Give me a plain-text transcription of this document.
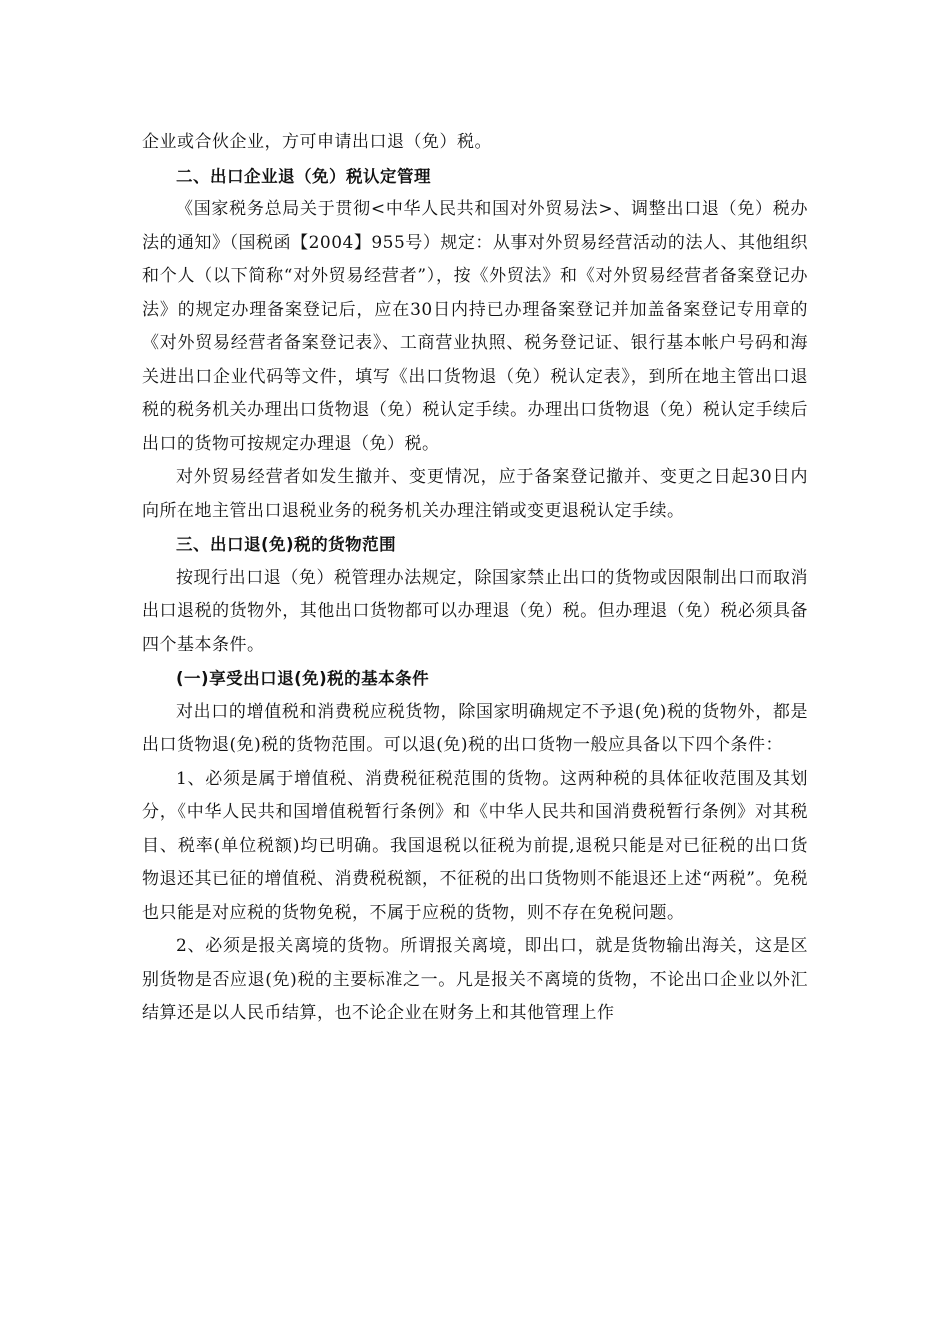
企业或合伙企业，方可申请出口退（免）税。

二、出口企业退（免）税认定管理

《国家税务总局关于贯彻<中华人民共和国对外贸易法>、调整出口退（免）税办法的通知》（国税函【2004】955号）规定：从事对外贸易经营活动的法人、其他组织和个人（以下简称“对外贸易经营者”），按《外贸法》和《对外贸易经营者备案登记办法》的规定办理备案登记后，应在30日内持已办理备案登记并加盖备案登记专用章的《对外贸易经营者备案登记表》、工商营业执照、税务登记证、银行基本帐户号码和海关进出口企业代码等文件，填写《出口货物退（免）税认定表》，到所在地主管出口退税的税务机关办理出口货物退（免）税认定手续。办理出口货物退（免）税认定手续后出口的货物可按规定办理退（免）税。

对外贸易经营者如发生撤并、变更情况，应于备案登记撤并、变更之日起30日内向所在地主管出口退税业务的税务机关办理注销或变更退税认定手续。

三、出口退(免)税的货物范围

按现行出口退（免）税管理办法规定，除国家禁止出口的货物或因限制出口而取消出口退税的货物外，其他出口货物都可以办理退（免）税。但办理退（免）税必须具备四个基本条件。

(一)享受出口退(免)税的基本条件

对出口的增值税和消费税应税货物，除国家明确规定不予退(免)税的货物外，都是出口货物退(免)税的货物范围。可以退(免)税的出口货物一般应具备以下四个条件：

1、必须是属于增值税、消费税征税范围的货物。这两种税的具体征收范围及其划分，《中华人民共和国增值税暂行条例》和《中华人民共和国消费税暂行条例》对其税目、税率(单位税额)均已明确。我国退税以征税为前提,退税只能是对已征税的出口货物退还其已征的增值税、消费税税额，不征税的出口货物则不能退还上述“两税”。免税也只能是对应税的货物免税，不属于应税的货物，则不存在免税问题。

2、必须是报关离境的货物。所谓报关离境，即出口，就是货物输出海关，这是区别货物是否应退(免)税的主要标准之一。凡是报关不离境的货物，不论出口企业以外汇结算还是以人民币结算，也不论企业在财务上和其他管理上作
